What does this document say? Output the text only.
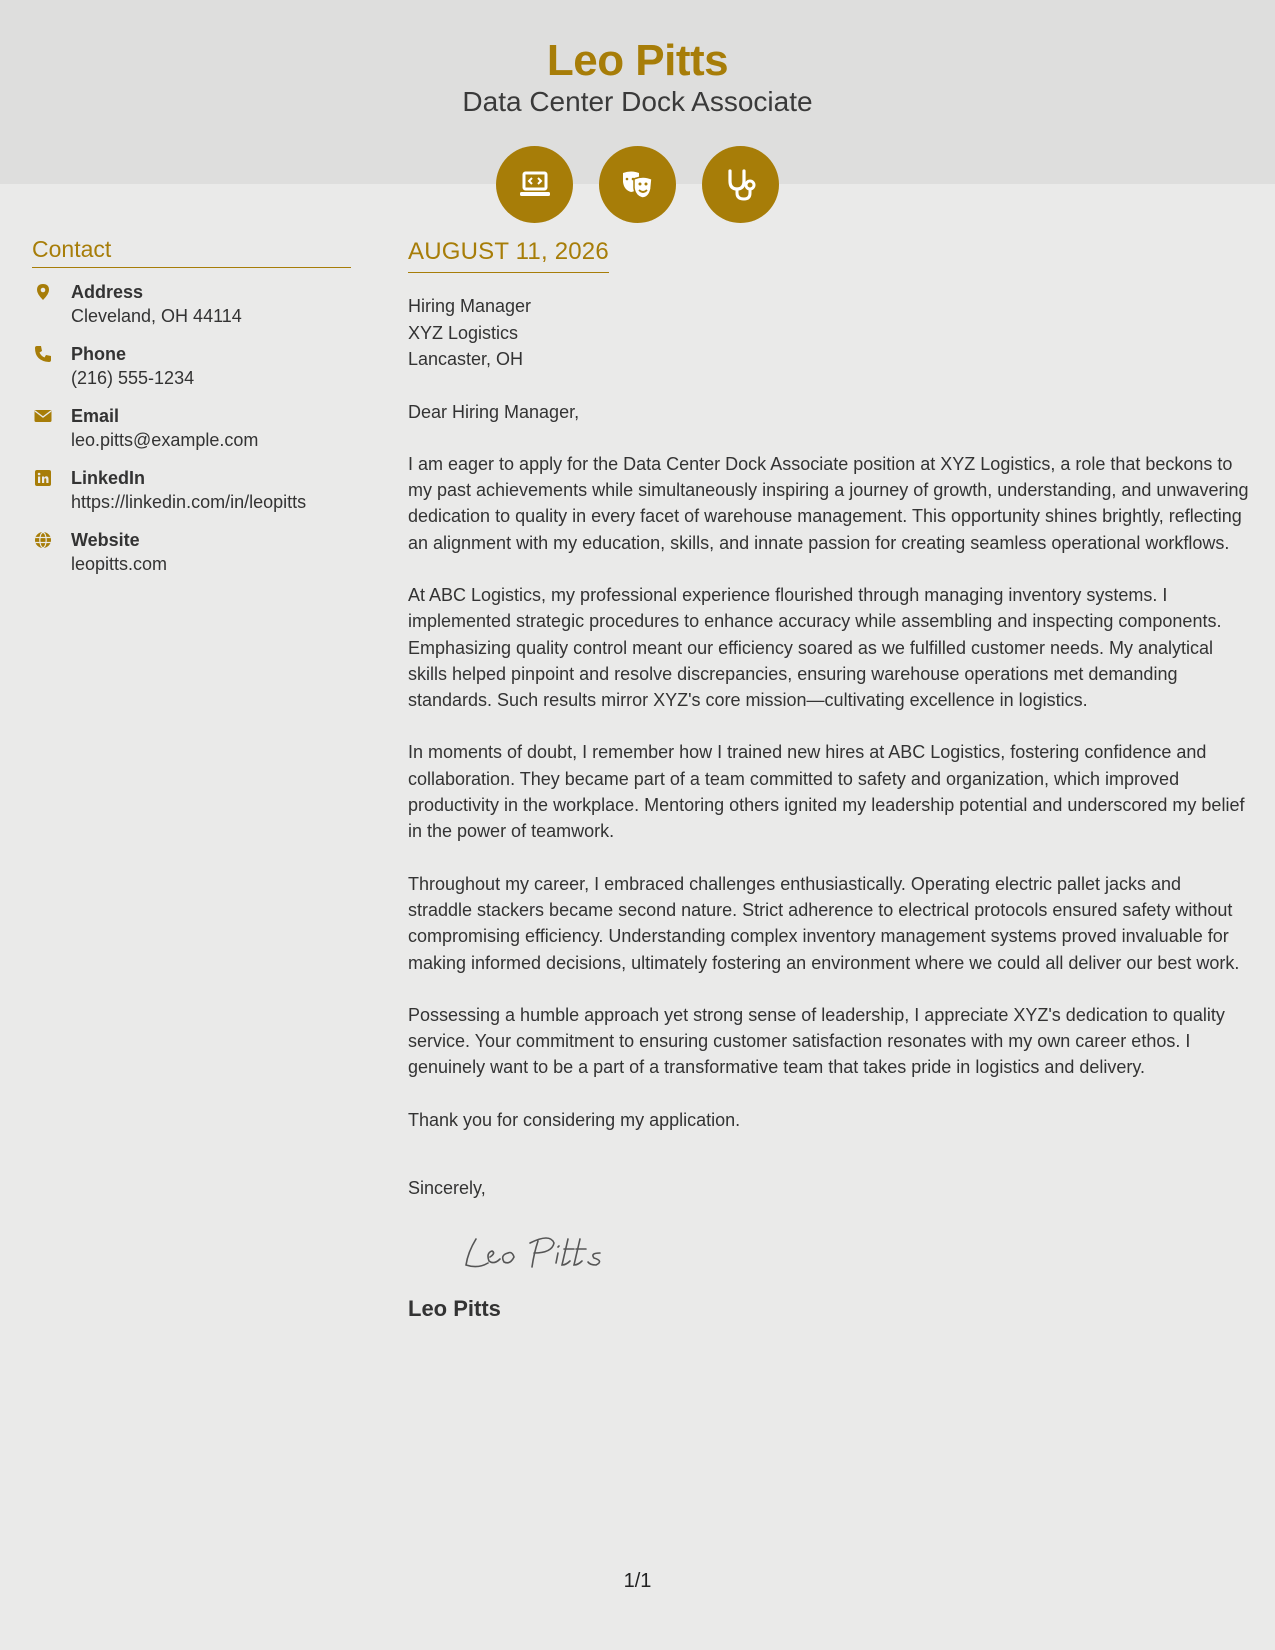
Leo Pitts
Data Center Dock Associate
Contact
Address
Cleveland, OH 44114
Phone
(216) 555-1234
Email
leo.pitts@example.com
LinkedIn
https://linkedin.com/in/leopitts
Website
leopitts.com
AUGUST 11, 2026
Hiring Manager
XYZ Logistics
Lancaster, OH

Dear Hiring Manager,

I am eager to apply for the Data Center Dock Associate position at XYZ Logistics, a role that beckons to my past achievements while simultaneously inspiring a journey of growth, understanding, and unwavering dedication to quality in every facet of warehouse management. This opportunity shines brightly, reflecting an alignment with my education, skills, and innate passion for creating seamless operational workflows.

At ABC Logistics, my professional experience flourished through managing inventory systems. I implemented strategic procedures to enhance accuracy while assembling and inspecting components. Emphasizing quality control meant our efficiency soared as we fulfilled customer needs. My analytical skills helped pinpoint and resolve discrepancies, ensuring warehouse operations met demanding standards. Such results mirror XYZ's core mission—cultivating excellence in logistics.

In moments of doubt, I remember how I trained new hires at ABC Logistics, fostering confidence and collaboration. They became part of a team committed to safety and organization, which improved productivity in the workplace. Mentoring others ignited my leadership potential and underscored my belief in the power of teamwork.

Throughout my career, I embraced challenges enthusiastically. Operating electric pallet jacks and straddle stackers became second nature. Strict adherence to electrical protocols ensured safety without compromising efficiency. Understanding complex inventory management systems proved invaluable for making informed decisions, ultimately fostering an environment where we could all deliver our best work.

Possessing a humble approach yet strong sense of leadership, I appreciate XYZ's dedication to quality service. Your commitment to ensuring customer satisfaction resonates with my own career ethos. I genuinely want to be a part of a transformative team that takes pride in logistics and delivery.

Thank you for considering my application.

Sincerely,
Leo Pitts
1/1
